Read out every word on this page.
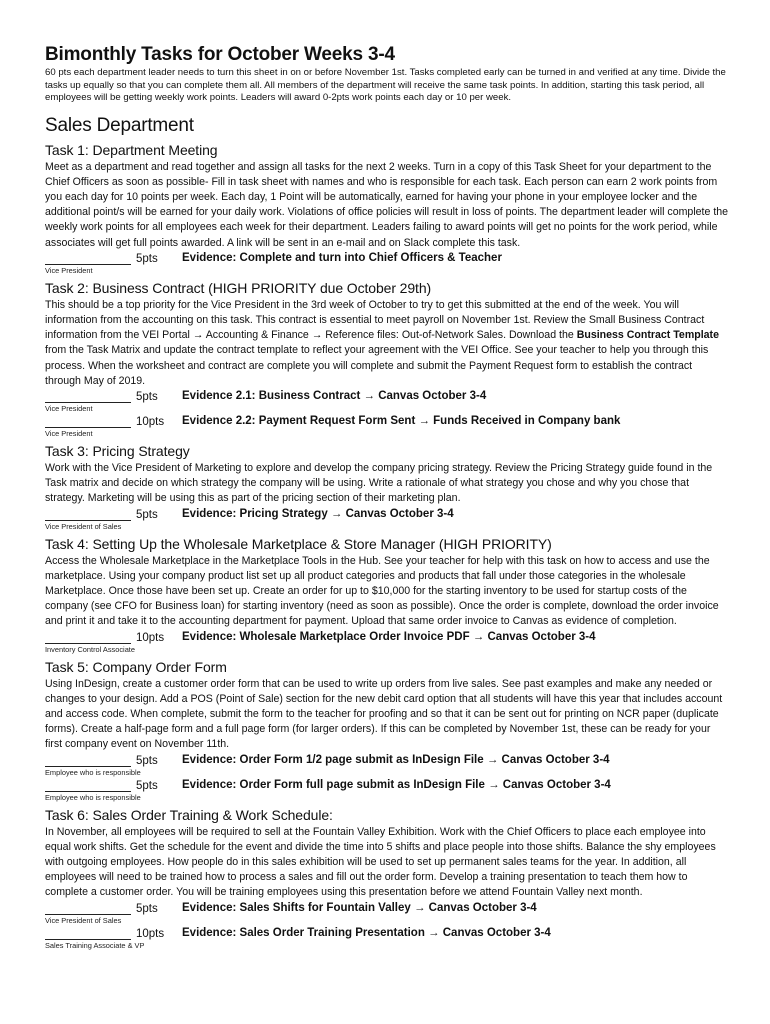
Bimonthly Tasks for October Weeks 3-4

60 pts each department leader needs to turn this sheet in on or before November 1st. Tasks completed early can be turned in and verified at any time. Divide the tasks up equally so that you can complete them all. All members of the department will receive the same task points. In addition, starting this task period, all employees will be getting weekly work points. Leaders will award 0-2pts work points each day or 10 per week.

Sales Department
Task 1: Department Meeting

Meet as a department and read together and assign all tasks for the next 2 weeks. Turn in a copy of this Task Sheet for your department to the Chief Officers as soon as possible- Fill in task sheet with names and who is responsible for each task. Each person can earn 2 work points from you each day for 10 points per week. Each day, 1 Point will be automatically, earned for having your phone in your employee locker and the additional point/s will be earned for your daily work. Violations of office policies will result in loss of points. The department leader will complete the weekly work points for all employees each week for their department. Leaders failing to award points will get no points for the work period, while associates will get full points awarded. A link will be sent in an e-mail and on Slack complete this task.

5pts Evidence: Complete and turn into Chief Officers & Teacher
Vice President
Task 2: Business Contract (HIGH PRIORITY due October 29th)

This should be a top priority for the Vice President in the 3rd week of October to try to get this submitted at the end of the week. You will information from the accounting on this task. This contract is essential to meet payroll on November 1st. Review the Small Business Contract information from the VEI Portal → Accounting & Finance → Reference files: Out-of-Network Sales. Download the Business Contract Template from the Task Matrix and update the contract template to reflect your agreement with the VEI Office. See your teacher to help you through this process. When the worksheet and contract are complete you will complete and submit the Payment Request form to establish the contract through May of 2019.

5pts Evidence 2.1: Business Contract → Canvas October 3-4
Vice President
10pts Evidence 2.2: Payment Request Form Sent → Funds Received in Company bank
Vice President
Task 3: Pricing Strategy

Work with the Vice President of Marketing to explore and develop the company pricing strategy. Review the Pricing Strategy guide found in the Task matrix and decide on which strategy the company will be using. Write a rationale of what strategy you chose and why you chose that strategy. Marketing will be using this as part of the pricing section of their marketing plan.

5pts Evidence: Pricing Strategy → Canvas October 3-4
Vice President of Sales
Task 4: Setting Up the Wholesale Marketplace & Store Manager (HIGH PRIORITY)

Access the Wholesale Marketplace in the Marketplace Tools in the Hub. See your teacher for help with this task on how to access and use the marketplace. Using your company product list set up all product categories and products that fall under those categories in the wholesale Marketplace. Once those have been set up. Create an order for up to $10,000 for the starting inventory to be used for startup costs of the company (see CFO for Business loan) for starting inventory (need as soon as possible). Once the order is complete, download the order invoice and print it and take it to the accounting department for payment. Upload that same order invoice to Canvas as evidence of completion.

10pts Evidence: Wholesale Marketplace Order Invoice PDF → Canvas October 3-4
Inventory Control Associate
Task 5: Company Order Form

Using InDesign, create a customer order form that can be used to write up orders from live sales. See past examples and make any needed or changes to your design. Add a POS (Point of Sale) section for the new debit card option that all students will have this year that includes account and access code. When complete, submit the form to the teacher for proofing and so that it can be sent out for printing on NCR paper (duplicate forms). Create a half-page form and a full page form (for larger orders). If this can be completed by November 1st, these can be ready for your first company event on November 11th.

5pts Evidence: Order Form 1/2 page submit as InDesign File → Canvas October 3-4
Employee who is responsible
5pts Evidence: Order Form full page submit as InDesign File → Canvas October 3-4
Employee who is responsible
Task 6: Sales Order Training & Work Schedule:

In November, all employees will be required to sell at the Fountain Valley Exhibition. Work with the Chief Officers to place each employee into equal work shifts. Get the schedule for the event and divide the time into 5 shifts and place people into those shifts. Balance the shy employees with outgoing employees. How people do in this sales exhibition will be used to set up permanent sales teams for the year. In addition, all employees will need to be trained how to process a sales and fill out the order form. Develop a training presentation to teach them how to complete a customer order. You will be training employees using this presentation before we attend Fountain Valley next month.

5pts Evidence: Sales Shifts for Fountain Valley → Canvas October 3-4
Vice President of Sales
10pts Evidence: Sales Order Training Presentation → Canvas October 3-4
Sales Training Associate & VP
